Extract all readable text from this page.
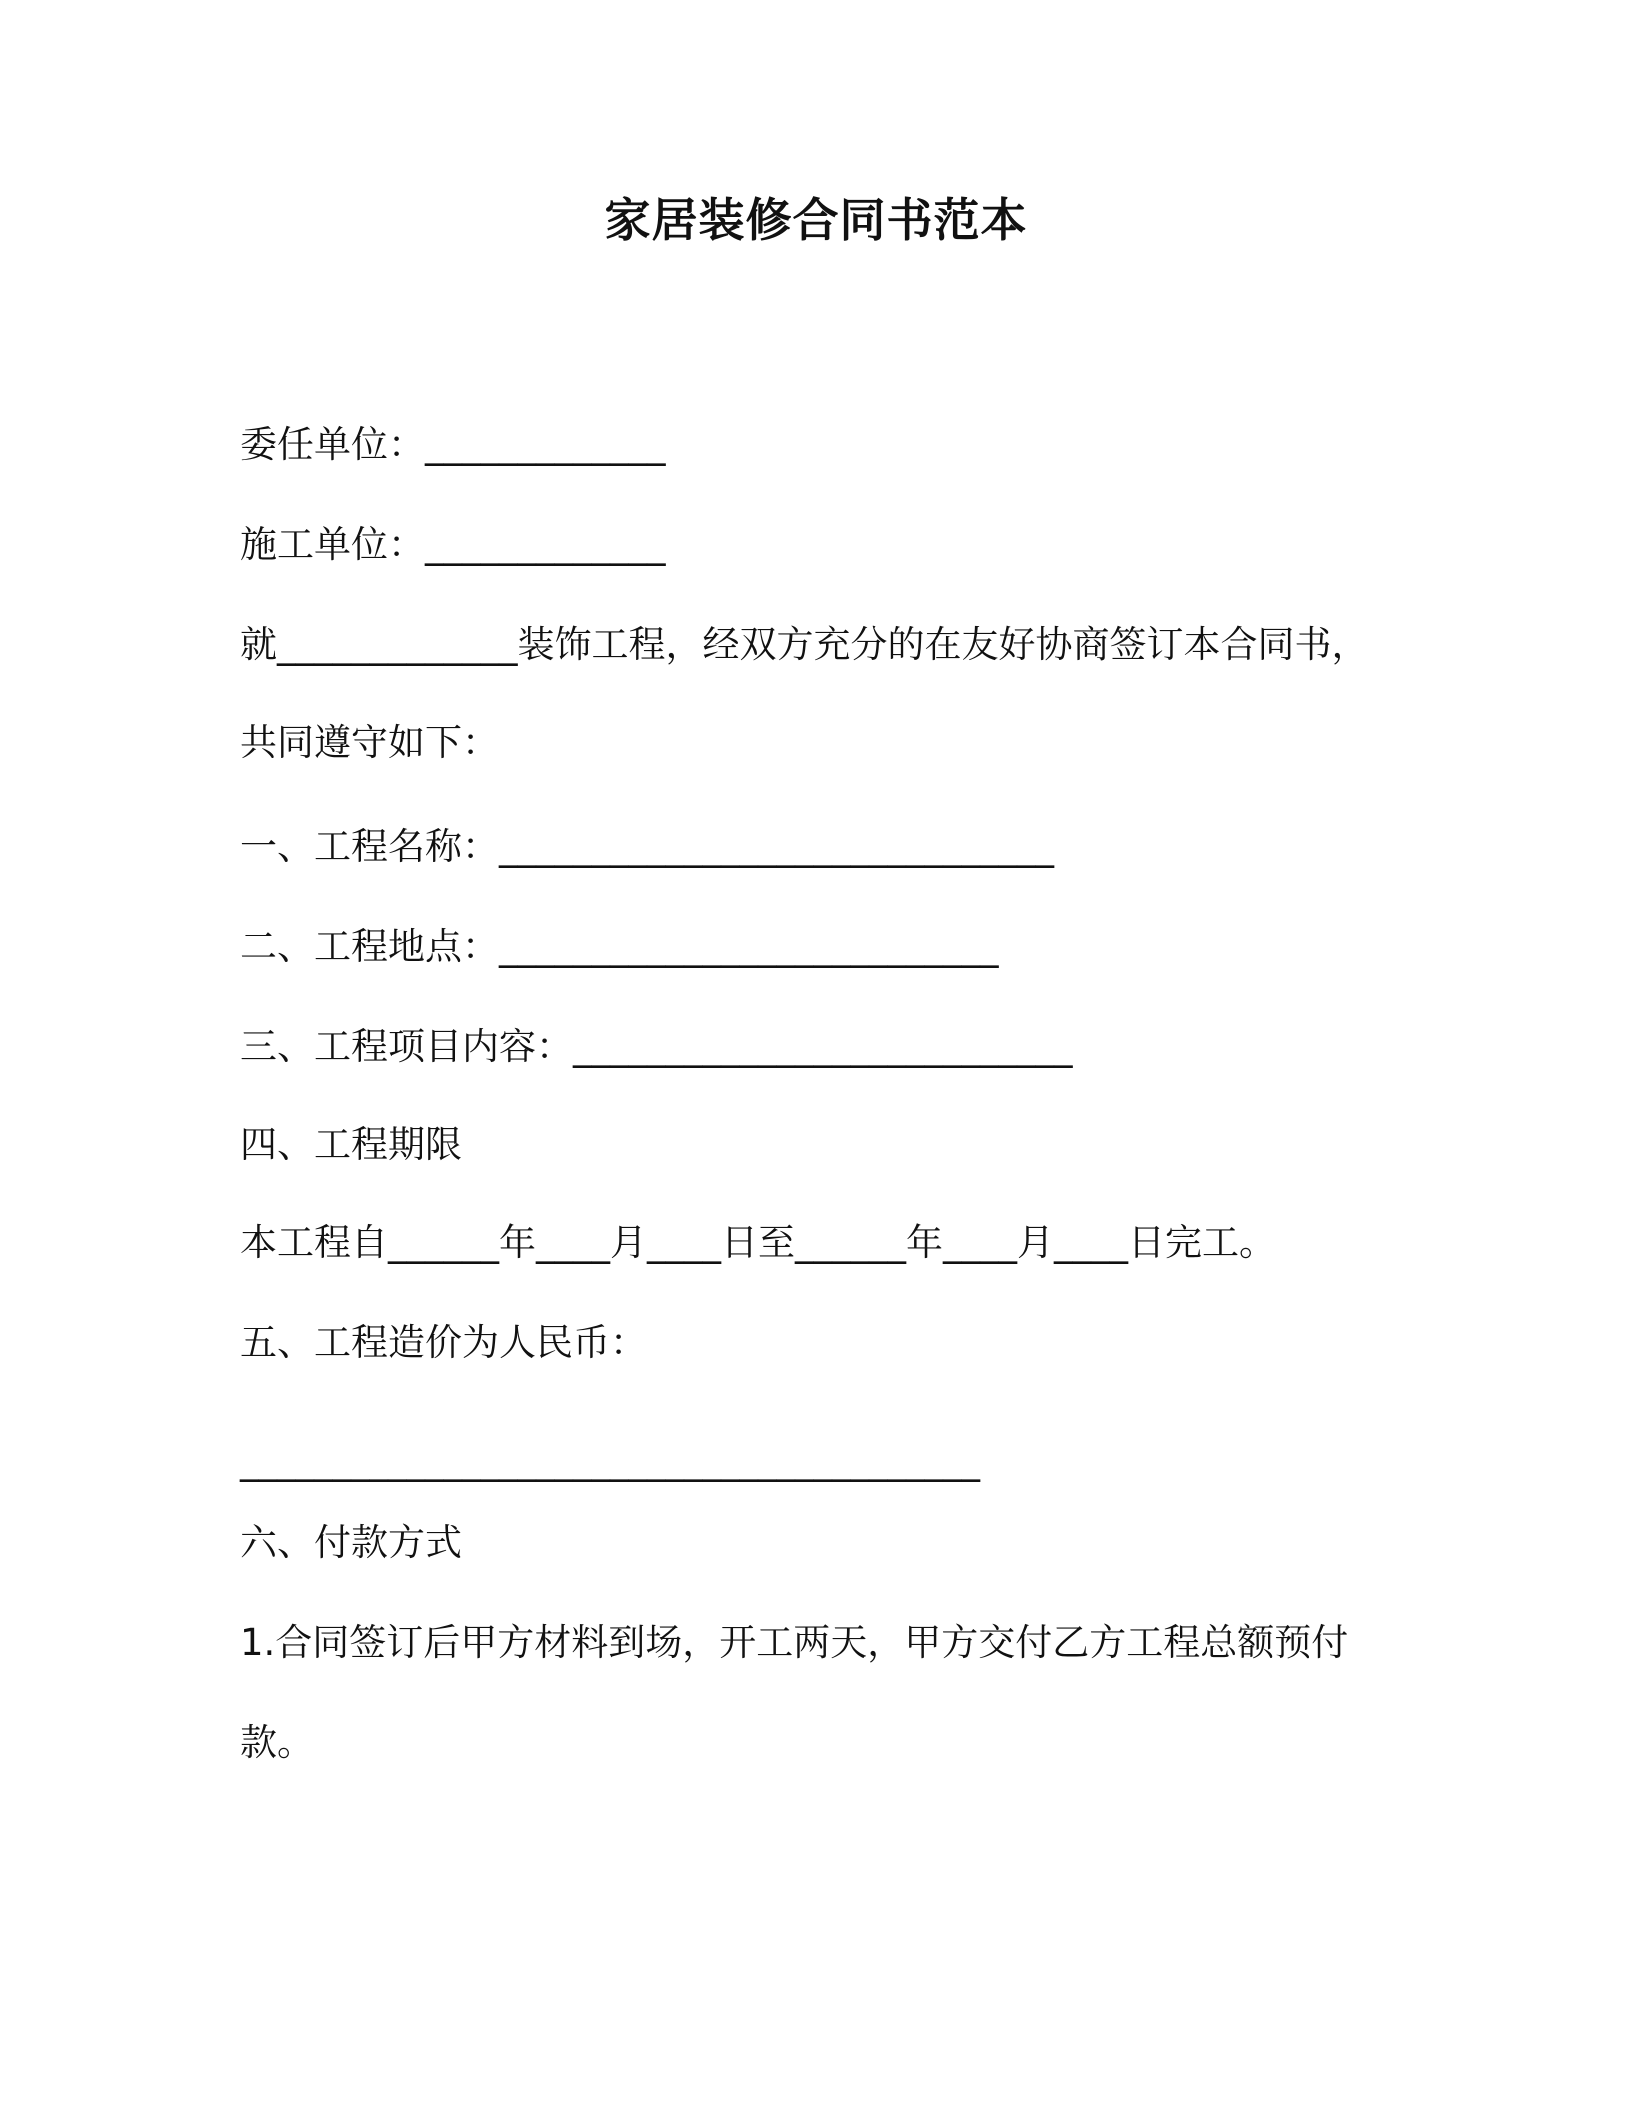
家居装修合同书范本
委任单位：_____________
施工单位：_____________
就_____________装饰工程，经双方充分的在友好协商签订本合同书，
共同遵守如下：
一、工程名称：______________________________
二、工程地点：___________________________
三、工程项目内容：___________________________
四、工程期限
本工程自______年____月____日至______年____月____日完工。
五、工程造价为人民币：
________________________________________
六、付款方式
1.合同签订后甲方材料到场，开工两天，甲方交付乙方工程总额预付
款。
